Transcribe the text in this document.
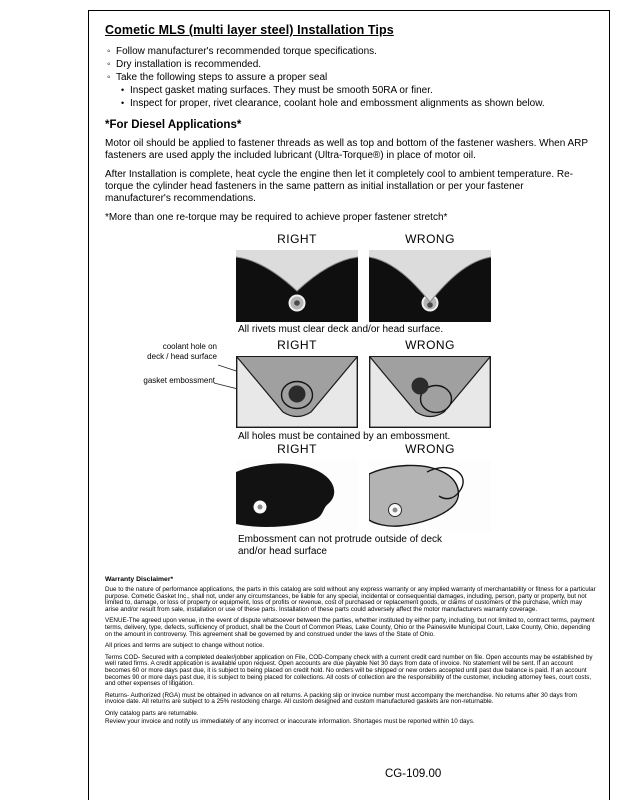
Cometic MLS (multi layer steel) Installation Tips
◦
Follow manufacturer's recommended torque specifications.
◦
Dry installation is recommended.
◦
Take the following steps to assure a proper seal
•
Inspect gasket mating surfaces. They must be smooth 50RA or finer.
•
Inspect for proper, rivet clearance, coolant hole and embossment alignments as shown below.
*For Diesel Applications*

Motor oil should be applied to fastener threads as well as top and bottom of the fastener washers. When ARP fasteners are used apply the included lubricant (Ultra-Torque®) in place of motor oil.

After Installation is complete, heat cycle the engine then let it completely cool to ambient temperature. Re-torque the cylinder head fasteners in the same pattern as initial installation or per your fastener manufacturer's recommendations.

*More than one re-torque may be required to achieve proper fastener stretch*

RIGHT	WRONG
All rivets must clear deck and/or head surface.
RIGHT	WRONG
coolant hole on
deck / head surface
gasket embossment
All holes must be contained by an embossment.
RIGHT	WRONG
Embossment can not protrude outside of deck
and/or head surface
Warranty Disclaimer*

Due to the nature of performance applications, the parts in this catalog are sold without any express warranty or any implied warranty of merchantability or fitness for a particular purpose. Cometic Gasket Inc., shall not, under any circumstances, be liable for any special, incidental or consequential damages, including, person, party or property, but not limited to, damage, or loss of property or equipment, loss of profits or revenue, cost of purchased or replacement goods, or claims of customers of the purchase, which may arise and/or result from sale, installation or use of these parts. Installation of these parts could adversely affect the motor manufacturers warranty coverage.

VENUE-The agreed upon venue, in the event of dispute whatsoever between the parties, whether instituted by either party, including, but not limited to, contract terms, payment terms, delivery, type, defects, sufficiency of product, shall be the Court of Common Pleas, Lake County, Ohio or the Painesville Municipal Court, Lake County, Ohio, depending on the amount in controversy. This agreement shall be governed by and construed under the laws of the State of Ohio.

All prices and terms are subject to change without notice.

Terms COD- Secured with a completed dealer/jobber application on File, COD-Company check with a current credit card number on file. Open accounts may be established by well rated firms. A credit application is available upon request. Open accounts are due payable Net 30 days from date of invoice. No statement will be sent. If an account becomes 60 or more days past due, it is subject to being placed on credit hold. No orders will be shipped or new orders accepted until past due balance is paid. If an account becomes 90 or more days past due, it is subject to being placed for collections. All costs of collection are the responsibility of the customer, including attorney fees, court costs, and other expenses of litigation.

Returns- Authorized (RGA) must be obtained in advance on all returns. A packing slip or invoice number must accompany the merchandise. No returns after 30 days from invoice date. All returns are subject to a 25% restocking charge. All custom designed and custom manufactured gaskets are non-returnable.

Only catalog parts are returnable.

Review your invoice and notify us immediately of any incorrect or inaccurate information. Shortages must be reported within 10 days.

CG-109.00
